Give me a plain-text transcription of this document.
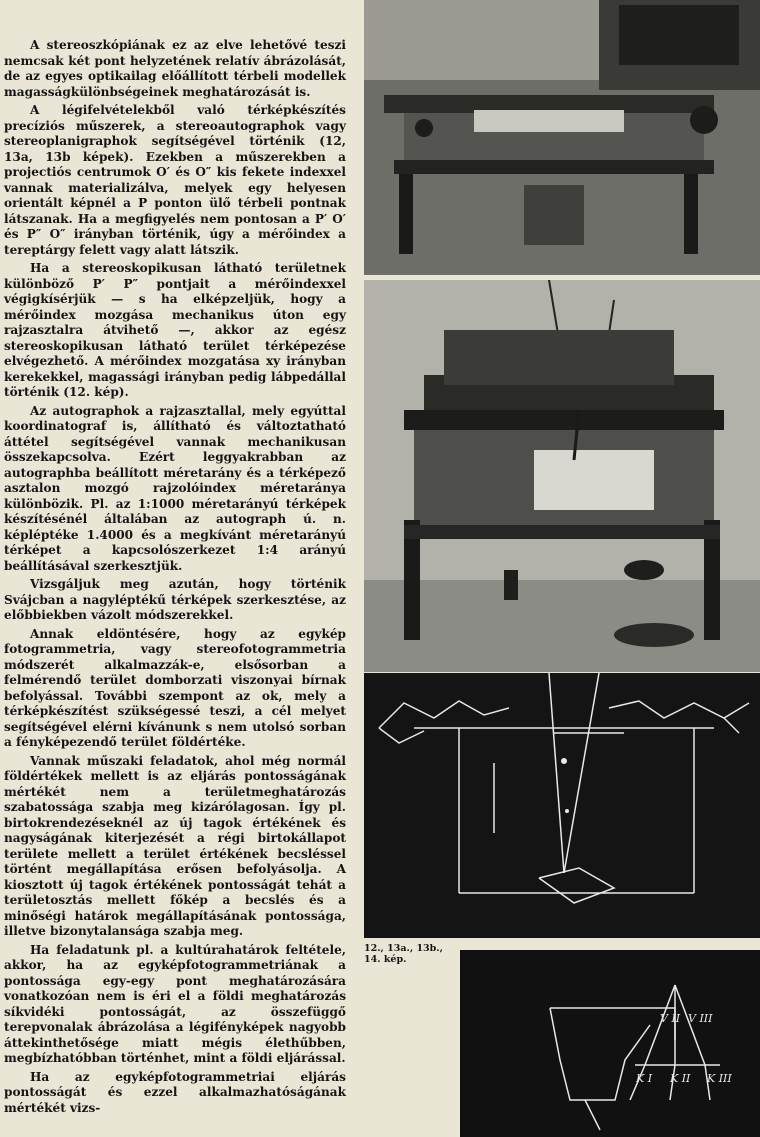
A stereoszkópiának ez az elve lehetővé teszi nemcsak két pont helyzetének relatív ábrázolását, de az egyes optikailag előállított térbeli modellek magasságkülönbségeinek meghatározását is.

A légifelvételekből való térképkészítés precíziós műszerek, a stereoautographok vagy stereoplanigraphok segítségével történik (12, 13a, 13b képek). Ezekben a műszerekben a projectiós centrumok O′ és O″ kis fekete indexxel vannak materializálva, melyek egy helyesen orientált képnél a P ponton ülő térbeli pontnak látszanak. Ha a megfigyelés nem pontosan a P′ O′ és P″ O″ irányban történik, úgy a mérőindex a tereptárgy felett vagy alatt látszik.

Ha a stereoskopikusan látható területnek különböző P′ P″ pontjait a mérőindexxel végigkísérjük — s ha elképzeljük, hogy a mérőindex mozgása mechanikus úton egy rajzasztalra átvihető —, akkor az egész stereoskopikusan látható terület térképezése elvégezhető. A mérőindex mozgatása xy irányban kerekekkel, magassági irányban pedig lábpedállal történik (12. kép).

Az autographok a rajzasztallal, mely egyúttal koordinatograf is, állítható és változtatható áttétel segítségével vannak mechanikusan összekapcsolva. Ezért leggyakrabban az autographba beállított méretarány és a térképező asztalon mozgó rajzolóindex méretaránya különbözik. Pl. az 1:1000 méretarányú térképek készítésénél általában az autograph ú. n. képléptéke 1.4000 és a megkívánt méretarányú térképet a kapcsolószerkezet 1:4 arányú beállításával szerkesztjük.

Vizsgáljuk meg azután, hogy történik Svájcban a nagyléptékű térképek szerkesztése, az előbbiekben vázolt módszerekkel.

Annak eldöntésére, hogy az egykép fotogrammetria, vagy stereofotogrammetria módszerét alkalmazzák-e, elsősorban a felmérendő terület domborzati viszonyai bírnak befolyással. További szempont az ok, mely a térképkészítést szükségessé teszi, a cél melyet segítségével elérni kívánunk s nem utolsó sorban a fényképezendő terület földértéke.

Vannak műszaki feladatok, ahol még normál földértékek mellett is az eljárás pontosságának mértékét nem a területmeghatározás szabatossága szabja meg kizárólagosan. Így pl. birtokrendezéseknél az új tagok értékének és nagyságának kiterjezését a régi birtokállapot területe mellett a terület értékének becsléssel történt megállapítása erősen befolyásolja. A kiosztott új tagok értékének pontosságát tehát a területosztás mellett főkép a becslés és a minőségi határok megállapításának pontossága, illetve bizonytalansága szabja meg.

Ha feladatunk pl. a kultúrahatárok feltétele, akkor, ha az egyképfotogrammetriának a pontossága egy-egy pont meghatározására vonatkozóan nem is éri el a földi meghatározás síkvidéki pontosságát, az összefüggő terepvonalak ábrázolása a légifényképek nagyobb áttekinthetősége miatt mégis élethűbben, megbízhatóbban történhet, mint a földi eljárással.

Ha az egyképfotogrammetriai eljárás pontosságát és ezzel alkalmazhatóságának mértékét vizs-

12., 13a., 13b., 14. kép.
V II V III
K I K II K III
